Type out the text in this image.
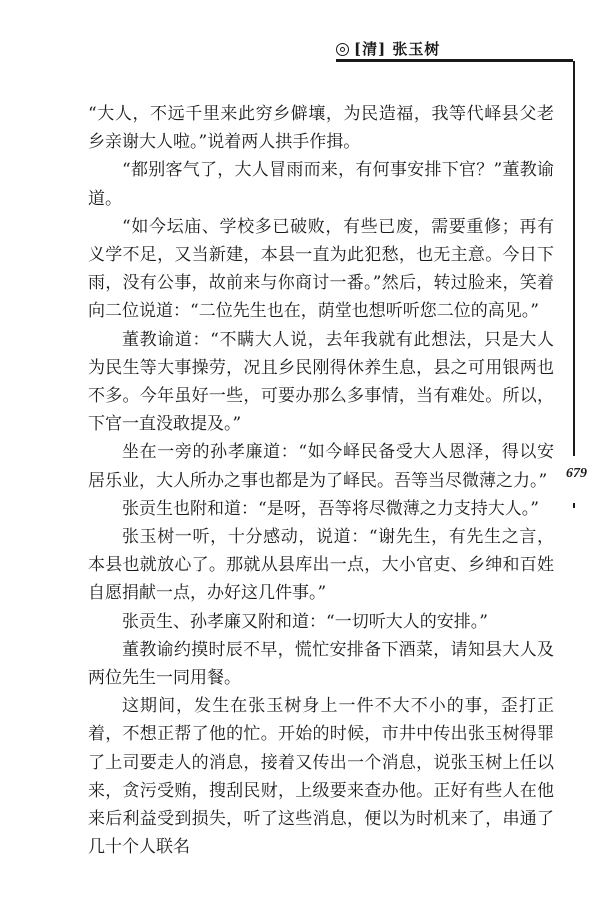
[清] 张玉树
679

“大人，不远千里来此穷乡僻壤，为民造福，我等代峄县父老乡亲谢大人啦。”说着两人拱手作揖。

“都别客气了，大人冒雨而来，有何事安排下官？”董教谕道。

“如今坛庙、学校多已破败，有些已废，需要重修；再有义学不足，又当新建，本县一直为此犯愁，也无主意。今日下雨，没有公事，故前来与你商讨一番。”然后，转过脸来，笑着向二位说道：“二位先生也在，荫堂也想听听您二位的高见。”

董教谕道：“不瞒大人说，去年我就有此想法，只是大人为民生等大事操劳，况且乡民刚得休养生息，县之可用银两也不多。今年虽好一些，可要办那么多事情，当有难处。所以，下官一直没敢提及。”

坐在一旁的孙孝廉道：“如今峄民备受大人恩泽，得以安居乐业，大人所办之事也都是为了峄民。吾等当尽微薄之力。”

张贡生也附和道：“是呀，吾等将尽微薄之力支持大人。”

张玉树一听，十分感动，说道：“谢先生，有先生之言，本县也就放心了。那就从县库出一点，大小官吏、乡绅和百姓自愿捐献一点，办好这几件事。”

张贡生、孙孝廉又附和道：“一切听大人的安排。”

董教谕约摸时辰不早，慌忙安排备下酒菜，请知县大人及两位先生一同用餐。

这期间，发生在张玉树身上一件不大不小的事，歪打正着，不想正帮了他的忙。开始的时候，市井中传出张玉树得罪了上司要走人的消息，接着又传出一个消息，说张玉树上任以来，贪污受贿，搜刮民财，上级要来查办他。正好有些人在他来后利益受到损失，听了这些消息，便以为时机来了，串通了几十个人联名
